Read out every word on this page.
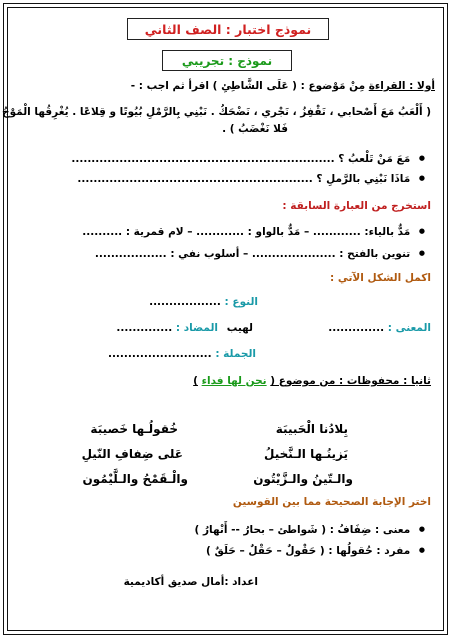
نموذج اختبار : الصف الثاني
نموذج : تجريبي
أولا : القراءة مِنْ مَوْضوع : ( عَلَى الشَّاطِئِ ) اقرأ ثم اجب : -
( أَلْعَبُ مَعَ أَصْحابي ، نَقْفِزُ ، نَجْري ، نَضْحَكُ . نَبْنِي بِالرَّمْلِ بُيُوتًا و قِلاعًا . يُغْرِقُها الْمَوْجُ
فَلا نَغْضَبُ ) .
● مَعَ مَنْ تَلْعبُ ؟ ..................................................................
● مَاذَا نَبْنِي بالرَّملِ ؟ ...........................................................
استخرج من العبارة السابقة :
● مَدٌّ بالياء: ............ – مَدٌّ بالواو : ............ – لام قمرية : ..........
● تنوين بالفتح : ..................... – أسلوب نفي : ..................
اكمل الشكل الآتي :
النوع : ..................
المعنى : ..............
لهيب
المضاد : ..............
الجملة : ..........................
ثانيا : محفوظات : من موضوع ( نحن لها فداء )
بِلادُنا الْحَبيبَة
خُقولُـها خَصيبَة
يَزينُـها الـنَّخيلُ
عَلى ضِفافِ النّيلِ
والـتّينُ والـزَّيْتُون
والْـقَمْحُ والـلَّيْمُون
اختر الإجابة الصحيحة مما بين القوسين
● معنى : ضِفَافُ : ( شَواطئ – بحارُ -- أَنْهارُ )
● مفرد : حُقولُها : ( حَقْولٌ – حَقْلٌ – حَلَقٌ )
اعداد :أمال صديق أكاديمية
